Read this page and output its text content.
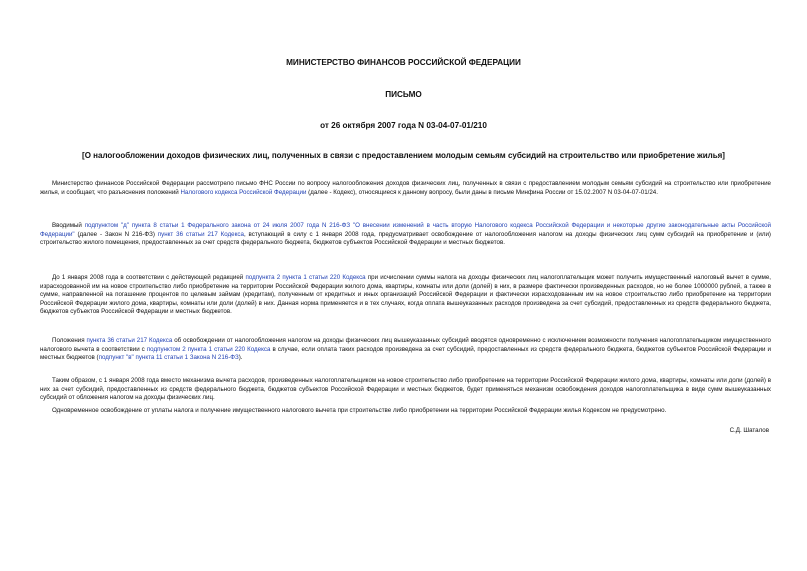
МИНИСТЕРСТВО ФИНАНСОВ РОССИЙСКОЙ ФЕДЕРАЦИИ
ПИСЬМО
от 26 октября 2007 года N 03-04-07-01/210
[О налогообложении доходов физических лиц, полученных в связи с предоставлением молодым семьям субсидий на строительство или приобретение жилья]
Министерство финансов Российской Федерации рассмотрело письмо ФНС России по вопросу налогообложения доходов физических лиц, полученных в связи с предоставлением молодым семьям субсидий на строительство или приобретение жилья, и сообщает, что разъяснения положений Налогового кодекса Российской Федерации (далее - Кодекс), относящиеся к данному вопросу, были даны в письме Минфина России от 15.02.2007 N 03-04-07-01/24.
Вводимый подпунктом "д" пункта 8 статьи 1 Федерального закона от 24 июля 2007 года N 216-ФЗ "О внесении изменений в часть вторую Налогового кодекса Российской Федерации и некоторые другие законодательные акты Российской Федерации" (далее - Закон N 216-ФЗ) пункт 36 статьи 217 Кодекса, вступающий в силу с 1 января 2008 года, предусматривает освобождение от налогообложения налогом на доходы физических лиц сумм субсидий на приобретение и (или) строительство жилого помещения, предоставленных за счет средств федерального бюджета, бюджетов субъектов Российской Федерации и местных бюджетов.
До 1 января 2008 года в соответствии с действующей редакцией подпункта 2 пункта 1 статьи 220 Кодекса при исчислении суммы налога на доходы физических лиц налогоплательщик может получить имущественный налоговый вычет в сумме, израсходованной им на новое строительство либо приобретение на территории Российской Федерации жилого дома, квартиры, комнаты или доли (долей) в них, в размере фактически произведенных расходов, но не более 1000000 рублей, а также в сумме, направленной на погашение процентов по целевым займам (кредитам), полученным от кредитных и иных организаций Российской Федерации и фактически израсходованным им на новое строительство либо приобретение на территории Российской Федерации жилого дома, квартиры, комнаты или доли (долей) в них. Данная норма применяется и в тех случаях, когда оплата вышеуказанных расходов произведена за счет субсидий, предоставленных из средств федерального бюджета, бюджетов субъектов Российской Федерации и местных бюджетов.
Положения пункта 36 статьи 217 Кодекса об освобождении от налогообложения налогом на доходы физических лиц вышеуказанных субсидий вводятся одновременно с исключением возможности получения налогоплательщиком имущественного налогового вычета в соответствии с подпунктом 2 пункта 1 статьи 220 Кодекса в случае, если оплата таких расходов произведена за счет субсидий, предоставленных из средств федерального бюджета, бюджетов субъектов Российской Федерации и местных бюджетов (подпункт "в" пункта 11 статьи 1 Закона N 216-ФЗ).
Таким образом, с 1 января 2008 года вместо механизма вычета расходов, произведенных налогоплательщиком на новое строительство либо приобретение на территории Российской Федерации жилого дома, квартиры, комнаты или доли (долей) в них за счет субсидий, предоставленных из средств федерального бюджета, бюджетов субъектов Российской Федерации и местных бюджетов, будет применяться механизм освобождения доходов налогоплательщика в виде сумм вышеуказанных субсидий от обложения налогом на доходы физических лиц.
Одновременное освобождение от уплаты налога и получение имущественного налогового вычета при строительстве либо приобретении на территории Российской Федерации жилья Кодексом не предусмотрено.
С.Д. Шаталов
